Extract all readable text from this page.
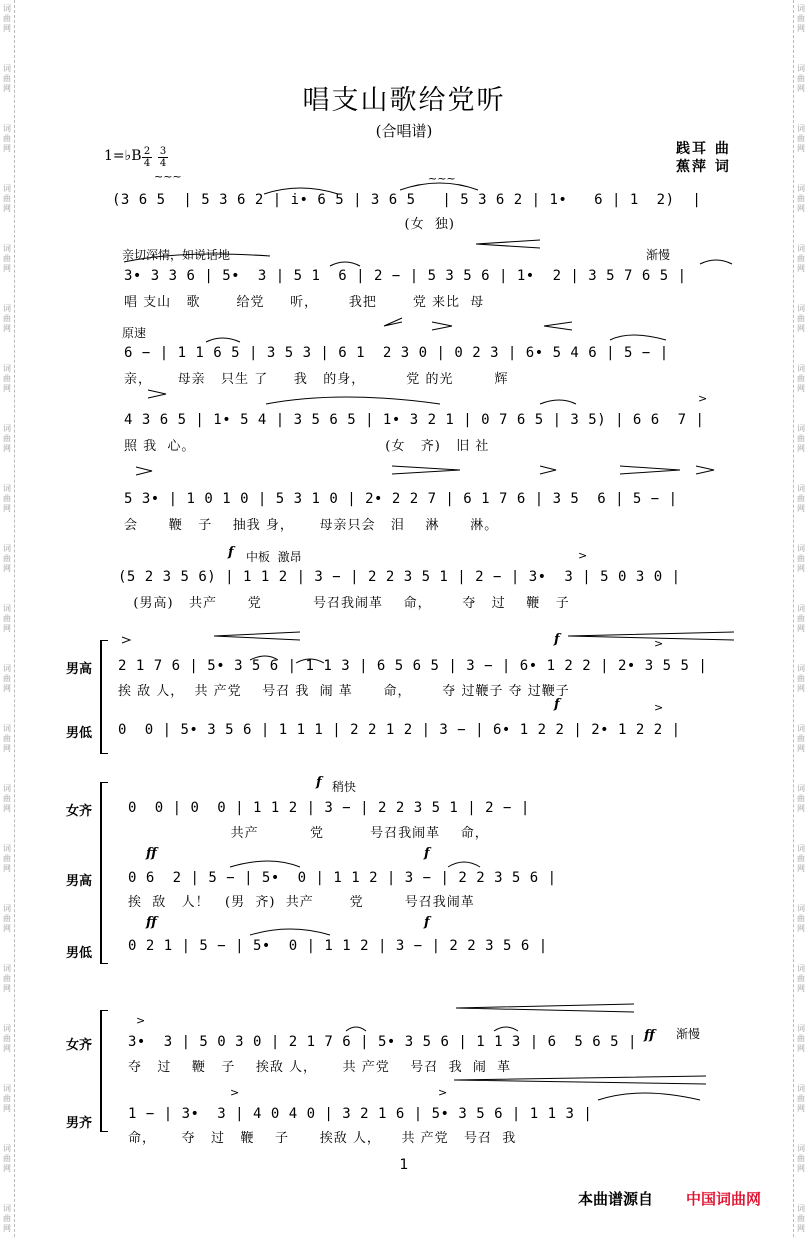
词
曲
网
词
曲
网
词
曲
网
词
曲
网
词
曲
网
词
曲
网
词
曲
网
词
曲
网
词
曲
网
词
曲
网
词
曲
网
词
曲
网
词
曲
网
词
曲
网
词
曲
网
词
曲
网
词
曲
网
词
曲
网
词
曲
网
词
曲
网
词
曲
网
词
曲
网
词
曲
网
词
曲
网
词
曲
网
词
曲
网
词
曲
网
词
曲
网
词
曲
网
词
曲
网
词
曲
网
词
曲
网
词
曲
网
词
曲
网
词
曲
网
词
曲
网
词
曲
网
词
曲
网
词
曲
网
词
曲
网
词
曲
网
词
曲
网
唱支山歌给党听
(合唱谱)
践耳 曲
蕉萍 词
1=♭B 2
4
3
4
(3 6 5  | 5 3 6 2 | i• 6 5 | 3 6 5   | 5 3 6 2 | 1•   6 | 1  2)  |
(女  独)
亲切深情，如说话地	渐慢
3• 3 3 6 | 5•  3 | 5 1  6 | 2 − | 5 3 5 6 | 1•  2 | 3 5 7 6 5 |
唱 支山   歌       给党     听，      我把       党 来比  母
原速
6 − | 1 1 6 5 | 3 5 3 | 6 1  2 3 0 | 0 2 3 | 6• 5 4 6 | 5 − |
亲，     母亲   只生 了     我   的身，        党 的光        辉
4 3 6 5 | 1• 5 4 | 3 5 6 5 | 1• 3 2 1 | 0 7 6 5 | 3 5) | 6 6  7 |
照 我  心。                                     (女   齐)   旧 社
5 3• | 1 0 1 0 | 5 3 1 0 | 2• 2 2 7 | 6 1 7 6 | 3 5  6 | 5 − |
会      鞭   子    抽我 身，     母亲只会   泪    淋      淋。
f 中板  激昂
(5 2 3 5 6) | 1 1 2 | 3 − | 2 2 3 5 1 | 2 − | 3•  3 | 5 0 3 0 |
(男高)   共产      党          号召我闹革    命，      夺   过    鞭   子
男高 2 1 7 6 | 5• 3 5 6 | 1 1 3 | 6 5 6 5 | 3 − | 6• 1 2 2 | 2• 3 5 5 |
挨 敌 人，  共 产党    号召 我  闹 革      命，      夺 过鞭子 夺 过鞭子
f
f
男低 0  0 | 5• 3 5 6 | 1 1 1 | 2 2 1 2 | 3 − | 6• 1 2 2 | 2• 1 2 2 |
f 稍快
女齐	0  0 | 0  0 | 1 1 2 | 3 − | 2 2 3 5 1 | 2 − |
共产          党         号召我闹革    命，
ff	f
男高	0 6  2 | 5 − | 5•  0 | 1 1 2 | 3 − | 2 2 3 5 6 |
挨  敌   人！   (男  齐)  共产       党        号召我闹革
ff	f
男低	0 2 1 | 5 − | 5•  0 | 1 1 2 | 3 − | 2 2 3 5 6 |
ff 渐慢
女齐	3•  3 | 5 0 3 0 | 2 1 7 6 | 5• 3 5 6 | 1 1 3 | 6  5 6 5 |
夺   过    鞭   子    挨敌 人，     共 产党    号召  我  闹  革
男齐
1 − | 3•  3 | 4 0 4 0 | 3 2 1 6 | 5• 3 5 6 | 1 1 3 |
命，     夺   过   鞭    子      挨敌 人，    共 产党   号召  我
>
>
>
>
>	>
>
~~~
~~~
1
本曲谱源自 中国词曲网
